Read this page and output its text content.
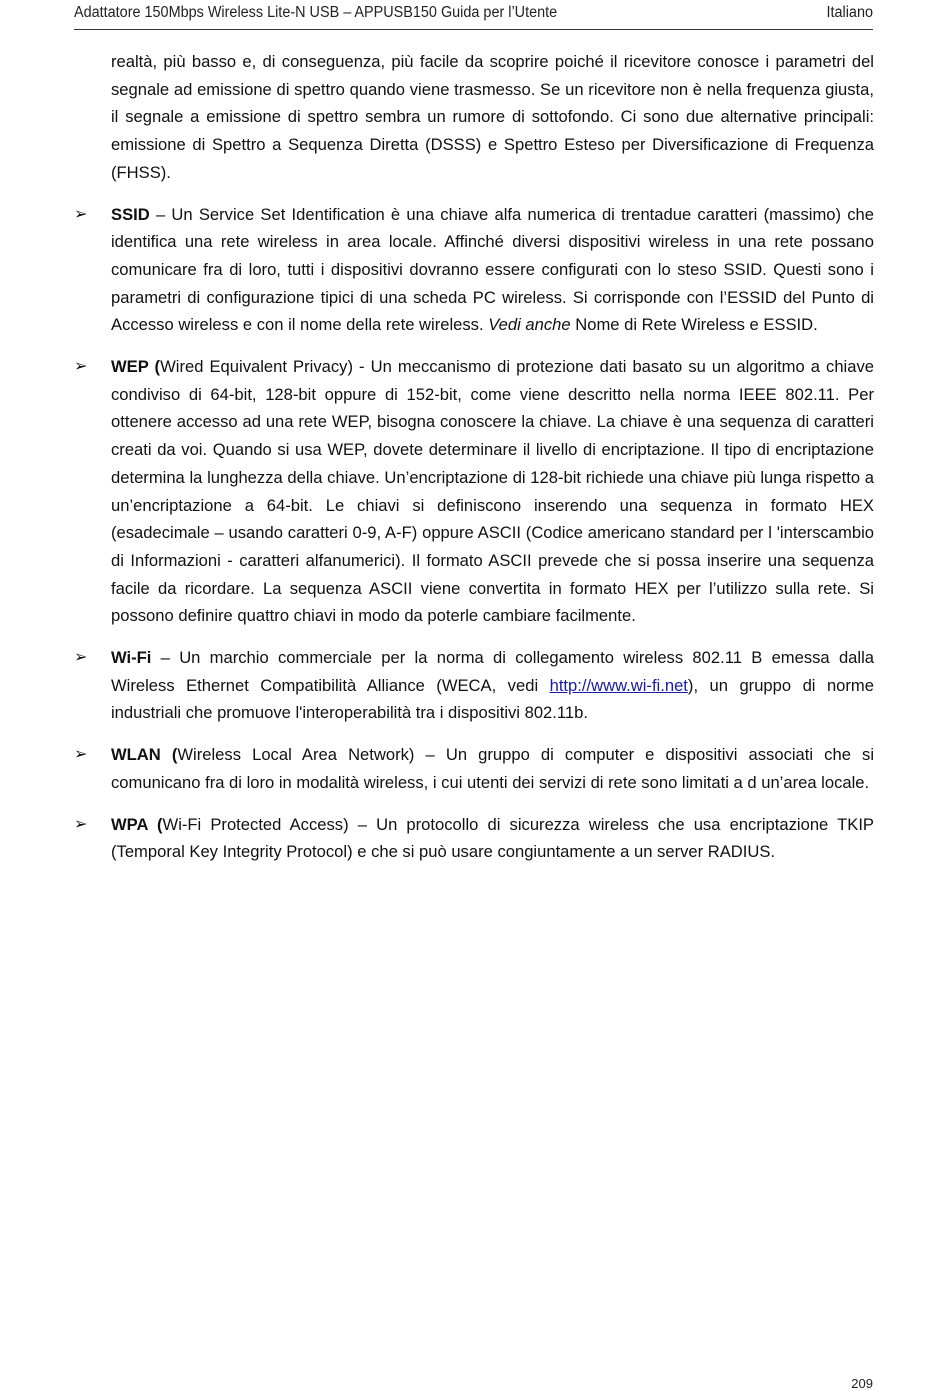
Adattatore 150Mbps Wireless Lite-N USB – APPUSB150 Guida per l’Utente	Italiano

realtà, più basso e, di conseguenza, più facile da scoprire poiché il ricevitore conosce i parametri del segnale ad emissione di spettro quando viene trasmesso. Se un ricevitore non è nella frequenza giusta, il segnale a emissione di spettro sembra un rumore di sottofondo. Ci sono due alternative principali: emissione di Spettro a Sequenza Diretta (DSSS) e Spettro Esteso per Diversificazione di Frequenza (FHSS).

➢ SSID – Un Service Set Identification è una chiave alfa numerica di trentadue caratteri (massimo) che identifica una rete wireless in area locale. Affinché diversi dispositivi wireless in una rete possano comunicare fra di loro, tutti i dispositivi dovranno essere configurati con lo steso SSID. Questi sono i parametri di configurazione tipici di una scheda PC wireless. Si corrisponde con l’ESSID del Punto di Accesso wireless e con il nome della rete wireless. Vedi anche Nome di Rete Wireless e ESSID.

➢ WEP (Wired Equivalent Privacy) - Un meccanismo di protezione dati basato su un algoritmo a chiave condiviso di 64-bit, 128-bit oppure di 152-bit, come viene descritto nella norma IEEE 802.11. Per ottenere accesso ad una rete WEP, bisogna conoscere la chiave. La chiave è una sequenza di caratteri creati da voi. Quando si usa WEP, dovete determinare il livello di encriptazione. Il tipo di encriptazione determina la lunghezza della chiave. Un’encriptazione di 128-bit richiede una chiave più lunga rispetto a un’encriptazione a 64-bit. Le chiavi si definiscono inserendo una sequenza in formato HEX (esadecimale – usando caratteri 0-9, A-F) oppure ASCII (Codice americano standard per l 'interscambio di Informazioni - caratteri alfanumerici). Il formato ASCII prevede che si possa inserire una sequenza facile da ricordare. La sequenza ASCII viene convertita in formato HEX per l’utilizzo sulla rete. Si possono definire quattro chiavi in modo da poterle cambiare facilmente.

➢ Wi-Fi – Un marchio commerciale per la norma di collegamento wireless 802.11 B emessa dalla Wireless Ethernet Compatibilità Alliance (WECA, vedi http://www.wi-fi.net), un gruppo di norme industriali che promuove l'interoperabilità tra i dispositivi 802.11b.

➢ WLAN (Wireless Local Area Network) – Un gruppo di computer e dispositivi associati che si comunicano fra di loro in modalità wireless, i cui utenti dei servizi di rete sono limitati a d un’area locale.

➢ WPA (Wi-Fi Protected Access) – Un protocollo di sicurezza wireless che usa encriptazione TKIP (Temporal Key Integrity Protocol) e che si può usare congiuntamente a un server RADIUS.

209
